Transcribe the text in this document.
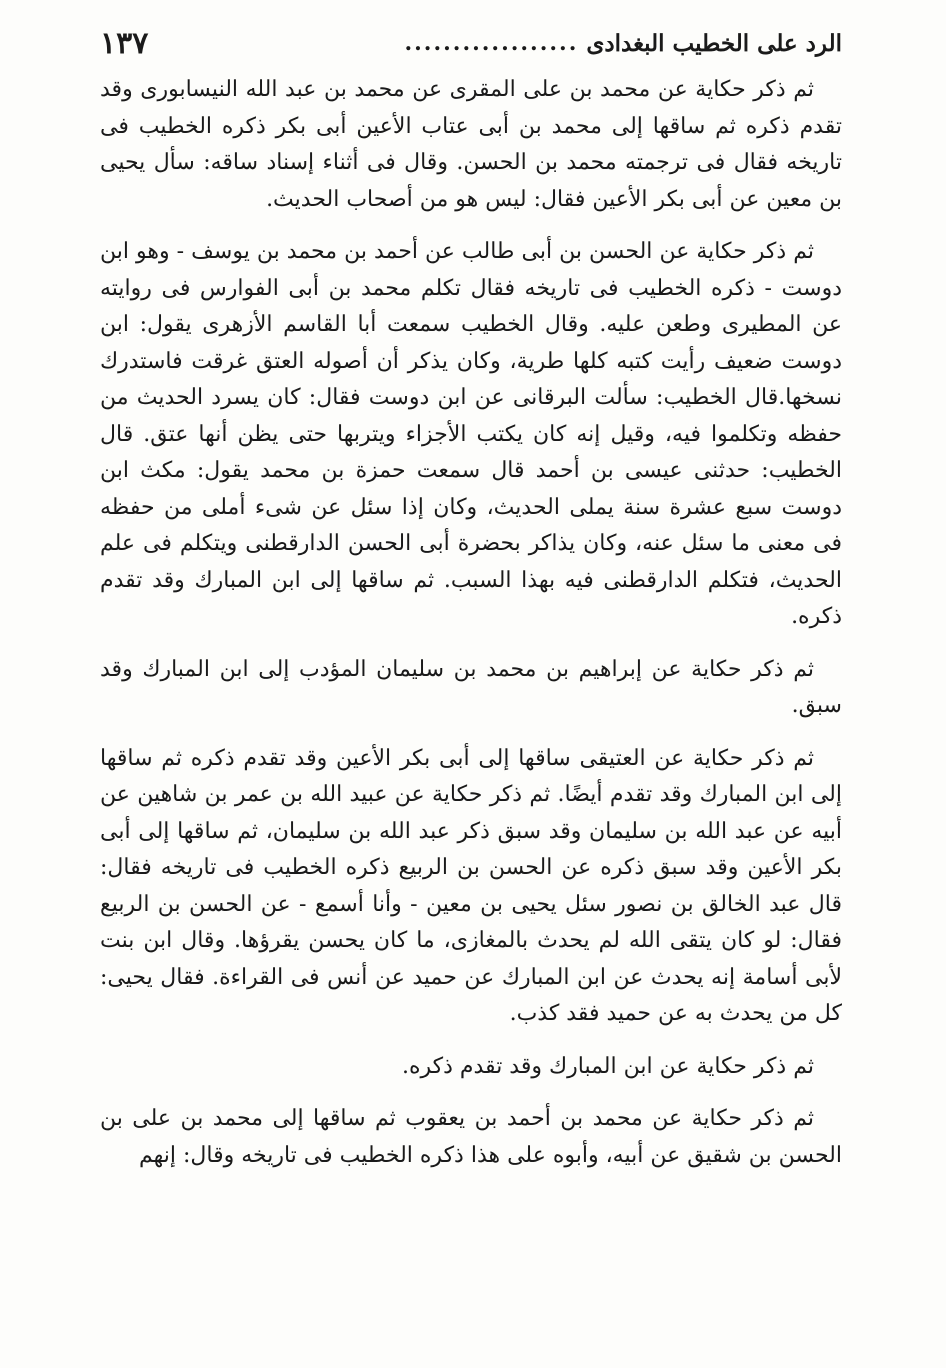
١٣٧	.................. الرد على الخطيب البغدادى

ثم ذكر حكاية عن محمد بن على المقرى عن محمد بن عبد الله النيسابورى وقد تقدم ذكره ثم ساقها إلى محمد بن أبى عتاب الأعين أبى بكر ذكره الخطيب فى تاريخه فقال فى ترجمته محمد بن الحسن. وقال فى أثناء إسناد ساقه: سأل يحيى بن معين عن أبى بكر الأعين فقال: ليس هو من أصحاب الحديث.

ثم ذكر حكاية عن الحسن بن أبى طالب عن أحمد بن محمد بن يوسف - وهو ابن دوست - ذكره الخطيب فى تاريخه فقال تكلم محمد بن أبى الفوارس فى روايته عن المطيرى وطعن عليه. وقال الخطيب سمعت أبا القاسم الأزهرى يقول: ابن دوست ضعيف رأيت كتبه كلها طرية، وكان يذكر أن أصوله العتق غرقت فاستدرك نسخها.قال الخطيب: سألت البرقانى عن ابن دوست فقال: كان يسرد الحديث من حفظه وتكلموا فيه، وقيل إنه كان يكتب الأجزاء ويتربها حتى يظن أنها عتق. قال الخطيب: حدثنى عيسى بن أحمد قال سمعت حمزة بن محمد يقول: مكث ابن دوست سبع عشرة سنة يملى الحديث، وكان إذا سئل عن شىء أملى من حفظه فى معنى ما سئل عنه، وكان يذاكر بحضرة أبى الحسن الدارقطنى ويتكلم فى علم الحديث، فتكلم الدارقطنى فيه بهذا السبب. ثم ساقها إلى ابن المبارك وقد تقدم ذكره.

ثم ذكر حكاية عن إبراهيم بن محمد بن سليمان المؤدب إلى ابن المبارك وقد سبق.

ثم ذكر حكاية عن العتيقى ساقها إلى أبى بكر الأعين وقد تقدم ذكره ثم ساقها إلى ابن المبارك وقد تقدم أيضًا. ثم ذكر حكاية عن عبيد الله بن عمر بن شاهين عن أبيه عن عبد الله بن سليمان وقد سبق ذكر عبد الله بن سليمان، ثم ساقها إلى أبى بكر الأعين وقد سبق ذكره عن الحسن بن الربيع ذكره الخطيب فى تاريخه فقال: قال عبد الخالق بن نصور سئل يحيى بن معين - وأنا أسمع - عن الحسن بن الربيع فقال: لو كان يتقى الله لم يحدث بالمغازى، ما كان يحسن يقرؤها. وقال ابن بنت لأبى أسامة إنه يحدث عن ابن المبارك عن حميد عن أنس فى القراءة. فقال يحيى: كل من يحدث به عن حميد فقد كذب.

ثم ذكر حكاية عن ابن المبارك وقد تقدم ذكره.

ثم ذكر حكاية عن محمد بن أحمد بن يعقوب ثم ساقها إلى محمد بن على بن الحسن بن شقيق عن أبيه، وأبوه على هذا ذكره الخطيب فى تاريخه وقال: إنهم
